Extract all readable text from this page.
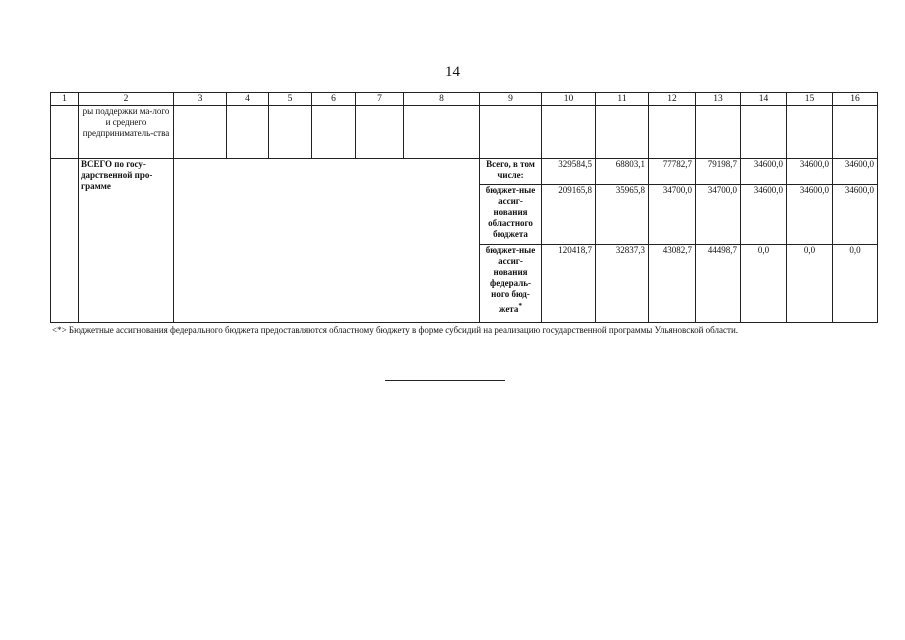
14
1	2	3	4	5	6	7	8	9	10	11	12	13	14	15	16
	ры поддержки ма-лого и среднего предприниматель-ства														
	ВСЕГО по госу-дарственной про-грамме							Всего, в том числе:	329584,5	68803,1	77782,7	79198,7	34600,0	34600,0	34600,0
								бюджет-ные ассиг-нования областного бюджета	209165,8	35965,8	34700,0	34700,0	34600,0	34600,0	34600,0
								бюджет-ные ассиг-нования федераль-ного бюд-жета*	120418,7	32837,3	43082,7	44498,7	0,0	0,0	0,0
<*> Бюджетные ассигнования федерального бюджета предоставляются областному бюджету в форме субсидий на реализацию государственной программы Ульяновской области.
